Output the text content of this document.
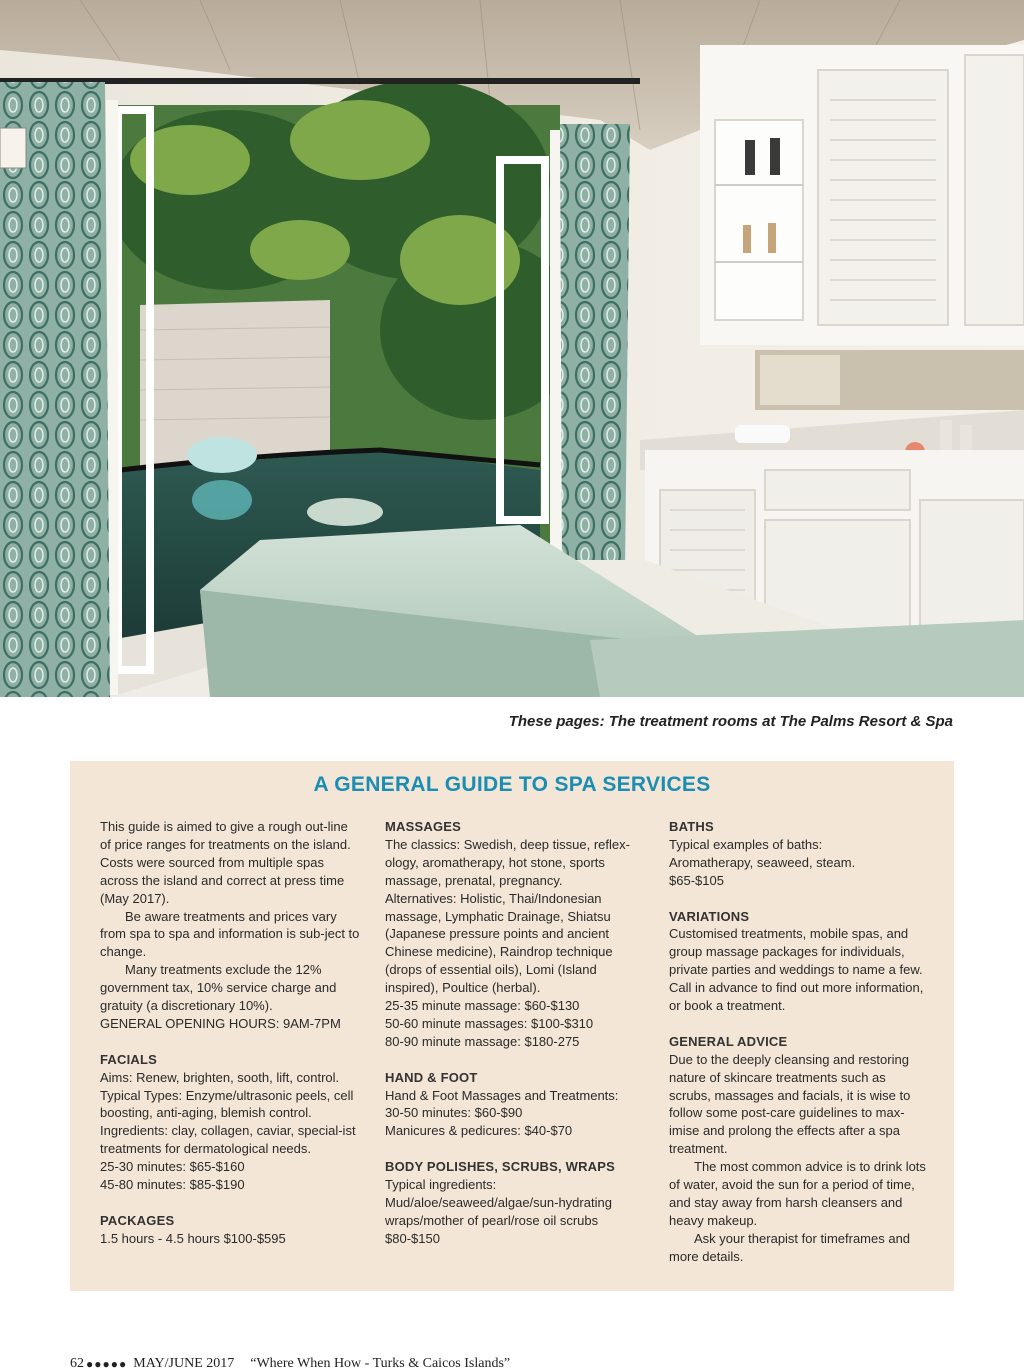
These pages: The treatment rooms at The Palms Resort & Spa
A GENERAL GUIDE TO SPA SERVICES

This guide is aimed to give a rough out-line of price ranges for treatments on the island. Costs were sourced from multiple spas across the island and correct at press time (May 2017).

Be aware treatments and prices vary from spa to spa and information is sub-ject to change.

Many treatments exclude the 12% government tax, 10% service charge and gratuity (a discretionary 10%).

GENERAL OPENING HOURS: 9AM-7PM

FACIALS

Aims: Renew, brighten, sooth, lift, control.

Typical Types: Enzyme/ultrasonic peels, cell boosting, anti-aging, blemish control.

Ingredients: clay, collagen, caviar, special-ist treatments for dermatological needs.

25-30 minutes: $65-$160

45-80 minutes: $85-$190

PACKAGES

1.5 hours - 4.5 hours $100-$595

MASSAGES

The classics: Swedish, deep tissue, reflex-ology, aromatherapy, hot stone, sports massage, prenatal, pregnancy.

Alternatives: Holistic, Thai/Indonesian massage, Lymphatic Drainage, Shiatsu (Japanese pressure points and ancient Chinese medicine), Raindrop technique (drops of essential oils), Lomi (Island inspired), Poultice (herbal).

25-35 minute massage: $60-$130

50-60 minute massages: $100-$310

80-90 minute massage: $180-275

HAND & FOOT

Hand & Foot Massages and Treatments:

30-50 minutes: $60-$90

Manicures & pedicures: $40-$70

BODY POLISHES, SCRUBS, WRAPS

Typical ingredients: Mud/aloe/seaweed/algae/sun-hydrating wraps/mother of pearl/rose oil scrubs

$80-$150

BATHS

Typical examples of baths:

Aromatherapy, seaweed, steam.

$65-$105

VARIATIONS

Customised treatments, mobile spas, and group massage packages for individuals, private parties and weddings to name a few. Call in advance to find out more information, or book a treatment.

GENERAL ADVICE

Due to the deeply cleansing and restoring nature of skincare treatments such as scrubs, massages and facials, it is wise to follow some post-care guidelines to max-imise and prolong the effects after a spa treatment.

The most common advice is to drink lots of water, avoid the sun for a period of time, and stay away from harsh cleansers and heavy makeup.

Ask your therapist for timeframes and more details.

62 ●●●●● MAY/JUNE 2017 “Where When How - Turks & Caicos Islands”
